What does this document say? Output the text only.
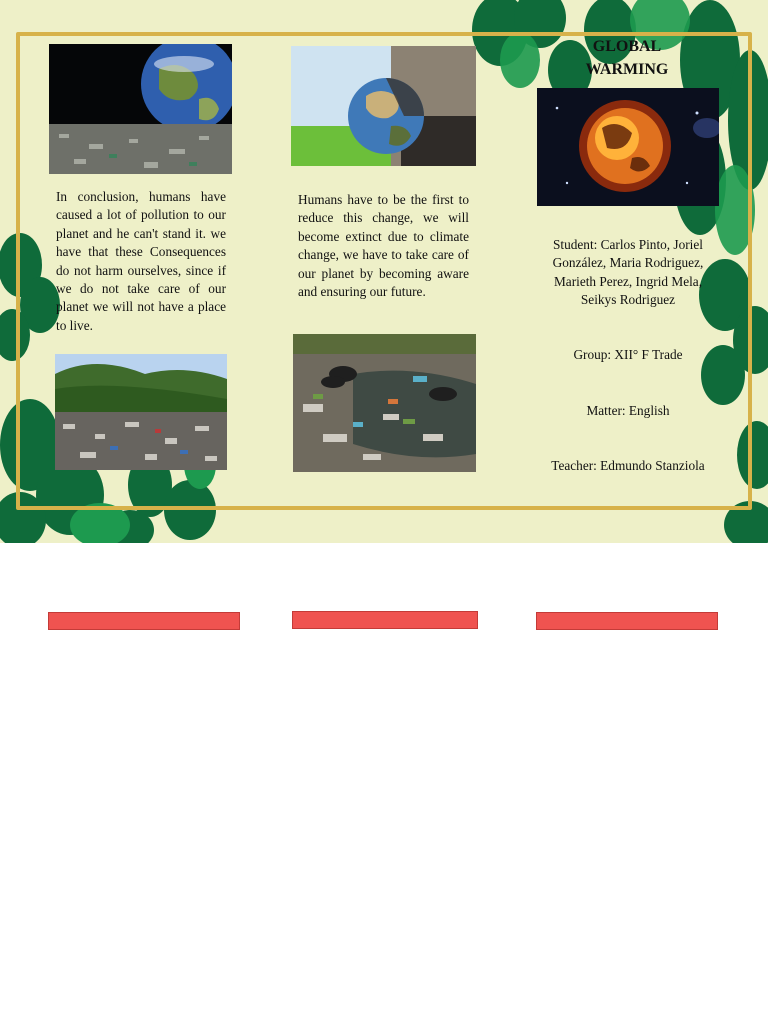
In conclusion, humans have caused a lot of pollution to our planet and he can't stand it. we have that these Consequences do not harm ourselves, since if we do not take care of our planet we will not have a place to live.
Humans have to be the first to reduce this change, we will become extinct due to climate change, we have to take care of our planet by becoming aware and ensuring our future.
GLOBAL WARMING
Student: Carlos Pinto, Joriel González, Maria Rodriguez, Marieth Perez, Ingrid Mela, Seikys Rodriguez
Group: XII° F Trade
Matter: English
Teacher: Edmundo Stanziola
